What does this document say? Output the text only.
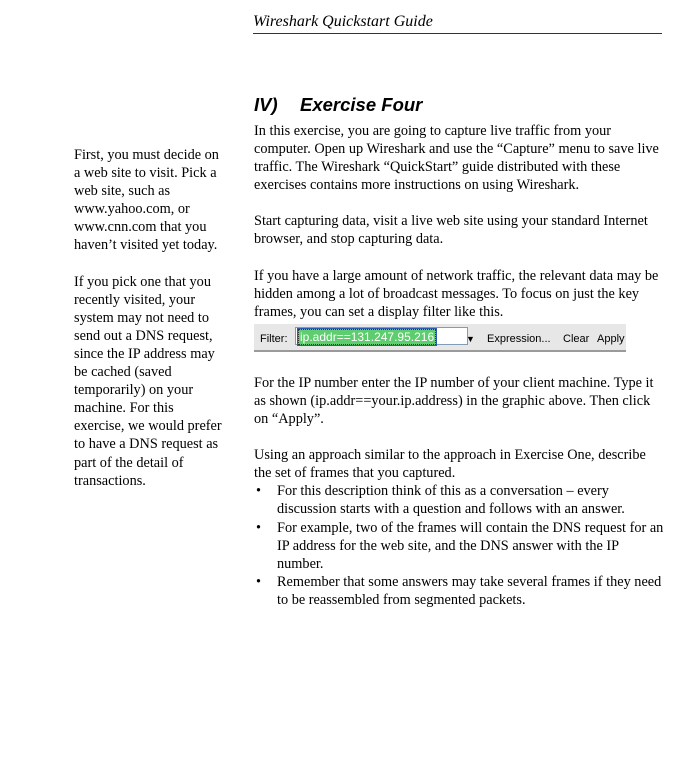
Wireshark Quickstart Guide

First, you must decide on a web site to visit. Pick a web site, such as www.yahoo.com, or www.cnn.com that you haven’t visited yet today.

If you pick one that you recently visited, your system may not need to send out a DNS request, since the IP address may be cached (saved temporarily) on your machine. For this exercise, we would prefer to have a DNS request as part of the detail of transactions.

IV) Exercise Four

In this exercise, you are going to capture live traffic from your computer. Open up Wireshark and use the “Capture” menu to save live traffic. The Wireshark “QuickStart” guide distributed with these exercises contains more instructions on using Wireshark.

Start capturing data, visit a live web site using your standard Internet browser, and stop capturing data.

If you have a large amount of network traffic, the relevant data may be hidden among a lot of broadcast messages. To focus on just the key frames, you can set a display filter like this.

Filter: ip.addr==131.247.95.216	▼ Expression... Clear Apply

For the IP number enter the IP number of your client machine. Type it as shown (ip.addr==your.ip.address) in the graphic above. Then click on “Apply”.

Using an approach similar to the approach in Exercise One, describe the set of frames that you captured.

• For this description think of this as a conversation – every discussion starts with a question and follows with an answer.
• For example, two of the frames will contain the DNS request for an IP address for the web site, and the DNS answer with the IP number.
• Remember that some answers may take several frames if they need to be reassembled from segmented packets.
